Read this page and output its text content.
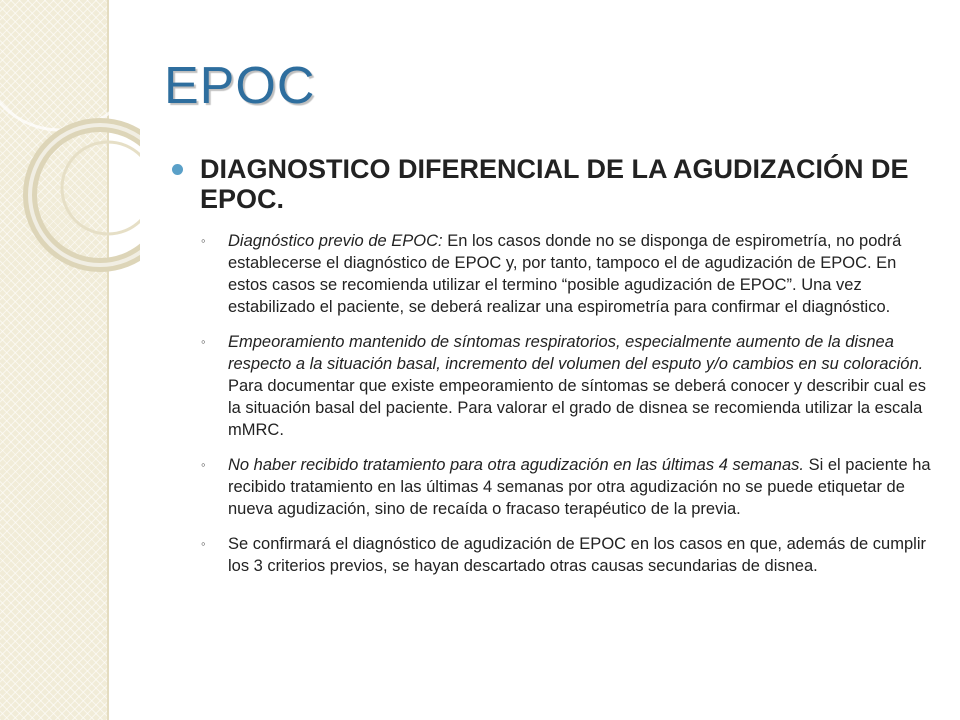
EPOC

DIAGNOSTICO DIFERENCIAL DE LA AGUDIZACIÓN DE EPOC.

◦ Diagnóstico previo de EPOC: En los casos donde no se disponga de espirometría, no podrá establecerse el diagnóstico de EPOC y, por tanto, tampoco el de agudización de EPOC. En estos casos se recomienda utilizar el termino “posible agudización de EPOC”. Una vez estabilizado el paciente, se deberá realizar una espirometría para confirmar el diagnóstico.

◦ Empeoramiento mantenido de síntomas respiratorios, especialmente aumento de la disnea respecto a la situación basal, incremento del volumen del esputo y/o cambios en su coloración. Para documentar que existe empeoramiento de síntomas se deberá conocer y describir cual es la situación basal del paciente. Para valorar el grado de disnea se recomienda utilizar la escala mMRC.

◦ No haber recibido tratamiento para otra agudización en las últimas 4 semanas. Si el paciente ha recibido tratamiento en las últimas 4 semanas por otra agudización no se puede etiquetar de nueva agudización, sino de recaída o fracaso terapéutico de la previa.

◦ Se confirmará el diagnóstico de agudización de EPOC en los casos en que, además de cumplir los 3 criterios previos, se hayan descartado otras causas secundarias de disnea.
